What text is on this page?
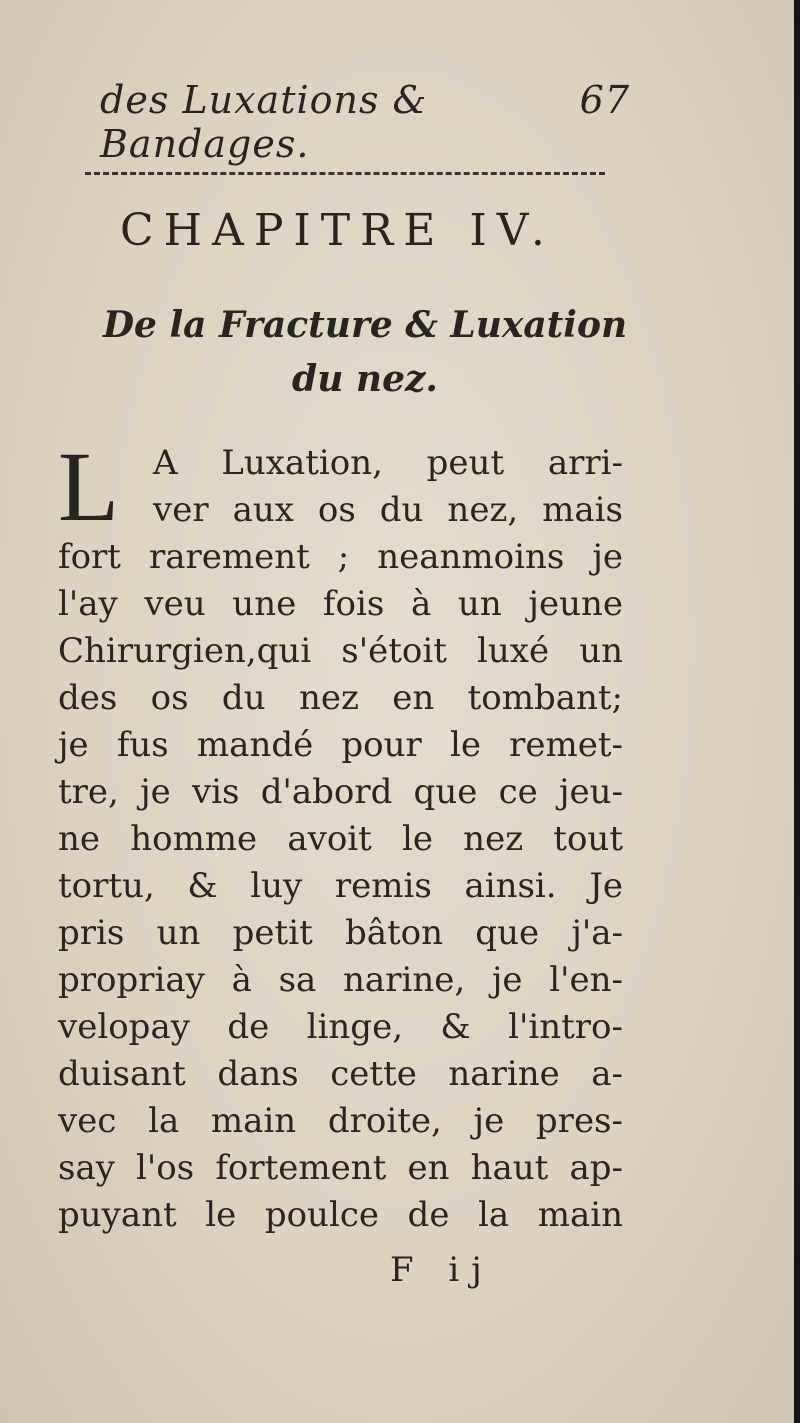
des Luxations & Bandages.
67
CHAPITRE IV.
De la Fracture & Luxation
du nez.
L A Luxation, peut arri-
ver aux os du nez, mais
fort rarement ; neanmoins je
l'ay veu une fois à un jeune
Chirurgien,qui s'étoit luxé un
des os du nez en tombant;
je fus mandé pour le remet-
tre, je vis d'abord que ce jeu-
ne homme avoit le nez tout
tortu, & luy remis ainsi. Je
pris un petit bâton que j'a-
propriay à sa narine, je l'en-
velopay de linge, & l'intro-
duisant dans cette narine a-
vec la main droite, je pres-
say l'os fortement en haut ap-
puyant le poulce de la main
F ij
